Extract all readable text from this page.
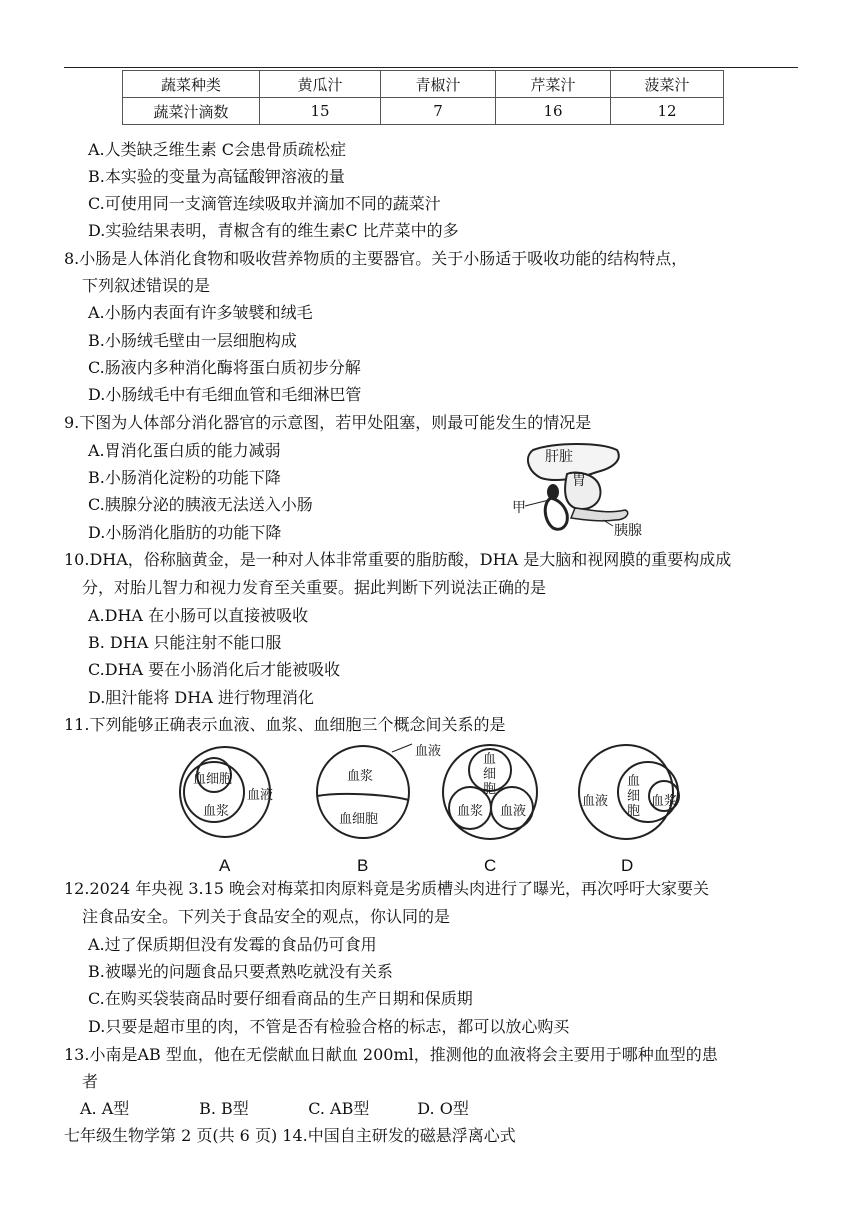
蔬菜种类	黄瓜汁	青椒汁	芹菜汁	菠菜汁
蔬菜汁滴数	15	7	16	12
A.人类缺乏维生素 C会患骨质疏松症
B.本实验的变量为高锰酸钾溶液的量
C.可使用同一支滴管连续吸取并滴加不同的蔬菜汁
D.实验结果表明，青椒含有的维生素C 比芹菜中的多
8.小肠是人体消化食物和吸收营养物质的主要器官。关于小肠适于吸收功能的结构特点，
下列叙述错误的是
A.小肠内表面有许多皱襞和绒毛
B.小肠绒毛壁由一层细胞构成
C.肠液内多种消化酶将蛋白质初步分解
D.小肠绒毛中有毛细血管和毛细淋巴管
9.下图为人体部分消化器官的示意图，若甲处阻塞，则最可能发生的情况是
A.胃消化蛋白质的能力减弱
B.小肠消化淀粉的功能下降
C.胰腺分泌的胰液无法送入小肠
D.小肠消化脂肪的功能下降
肝脏
胃
甲
胰腺
10.DHA，俗称脑黄金，是一种对人体非常重要的脂肪酸，DHA 是大脑和视网膜的重要构成成
分，对胎儿智力和视力发育至关重要。据此判断下列说法正确的是
A.DHA 在小肠可以直接被吸收
B. DHA 只能注射不能口服
C.DHA 要在小肠消化后才能被吸收
D.胆汁能将 DHA 进行物理消化
11.下列能够正确表示血液、血浆、血细胞三个概念间关系的是
血细胞
血浆
血液
血液
血浆
血细胞
血
细
胞
血浆 血液
血液
血
细
胞
血浆
A	B	C	D
12.2024 年央视 3.15 晚会对梅菜扣肉原料竟是劣质槽头肉进行了曝光，再次呼吁大家要关
注食品安全。下列关于食品安全的观点，你认同的是
A.过了保质期但没有发霉的食品仍可食用
B.被曝光的问题食品只要煮熟吃就没有关系
C.在购买袋装商品时要仔细看商品的生产日期和保质期
D.只要是超市里的肉，不管是否有检验合格的标志，都可以放心购买
13.小南是AB 型血，他在无偿献血日献血 200ml，推测他的血液将会主要用于哪种血型的患
者
A. A型	B. B型	C. AB型	D. O型
七年级生物学第 2 页(共 6 页) 14.中国自主研发的磁悬浮离心式
